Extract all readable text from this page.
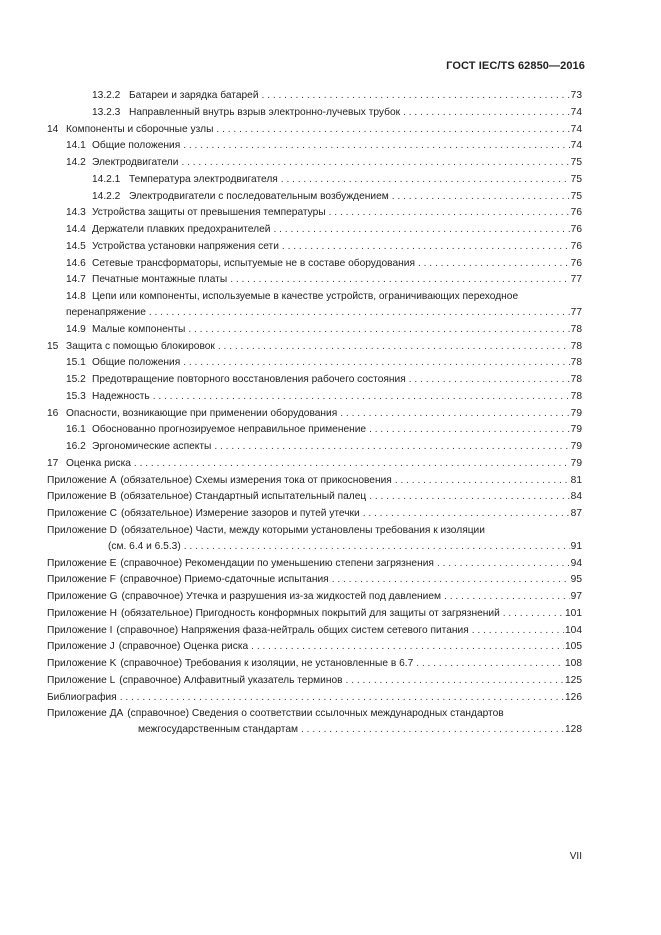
ГОСТ IEC/TS 62850—2016
13.2.2 Батареи и зарядка батарей . . .	73
13.2.3 Направленный внутрь взрыв электронно-лучевых трубок . . .	74
14 Компоненты и сборочные узлы . . .	74
14.1 Общие положения . . .	74
14.2 Электродвигатели . . .	75
14.2.1 Температура электродвигателя . . .	75
14.2.2 Электродвигатели с последовательным возбуждением . . .	75
14.3 Устройства защиты от превышения температуры . . .	76
14.4 Держатели плавких предохранителей . . .	76
14.5 Устройства установки напряжения сети . . .	76
14.6 Сетевые трансформаторы, испытуемые не в составе оборудования . . .	76
14.7 Печатные монтажные платы . . .	77
14.8 Цепи или компоненты, используемые в качестве устройств, ограничивающих переходное
перенапряжение . . .	77
14.9 Малые компоненты . . .	78
15 Защита с помощью блокировок . . .	78
15.1 Общие положения . . .	78
15.2 Предотвращение повторного восстановления рабочего состояния . . .	78
15.3 Надежность . . .	78
16 Опасности, возникающие при применении оборудования . . .	79
16.1 Обоснованно прогнозируемое неправильное применение . . .	79
16.2 Эргономические аспекты . . .	79
17 Оценка риска . . .	79
Приложение A (обязательное) Схемы измерения тока от прикосновения . . .	81
Приложение B (обязательное) Стандартный испытательный палец . . .	84
Приложение C (обязательное) Измерение зазоров и путей утечки . . .	87
Приложение D (обязательное) Части, между которыми установлены требования к изоляции
(см. 6.4 и 6.5.3) . . .	91
Приложение E (справочное) Рекомендации по уменьшению степени загрязнения . . .	94
Приложение F (справочное) Приемо-сдаточные испытания . . .	95
Приложение G (справочное) Утечка и разрушения из-за жидкостей под давлением . . .	97
Приложение H (обязательное) Пригодность конформных покрытий для защиты от загрязнений . . .	101
Приложение I (справочное) Напряжения фаза-нейтраль общих систем сетевого питания . . .	104
Приложение J (справочное) Оценка риска . . .	105
Приложение K (справочное) Требования к изоляции, не установленные в 6.7 . . .	108
Приложение L (справочное) Алфавитный указатель терминов . . .	125
Библиография . . .	126
Приложение ДА (справочное) Сведения о соответствии ссылочных международных стандартов
межгосударственным стандартам . . .	128
VII
